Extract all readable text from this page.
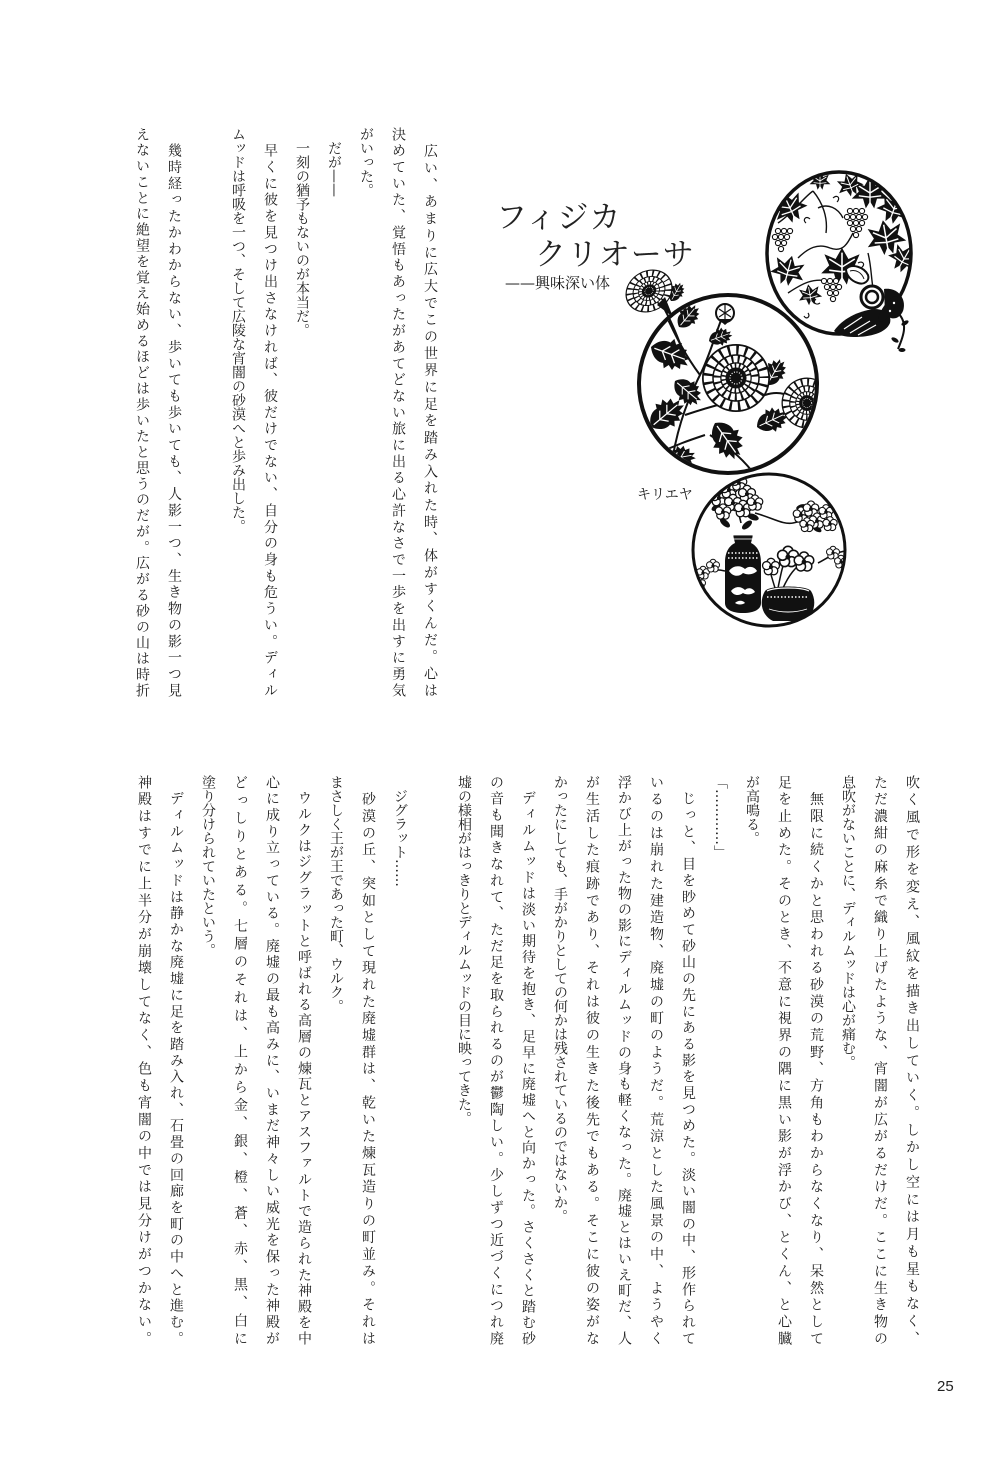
フィジカ
クリオーサ
——興味深い体
キリエヤ
　広い、あまりに広大でこの世界に足を踏み入れた時、体がすくんだ。心は
決めていた、覚悟もあったがあてどない旅に出る心許なさで一歩を出すに勇気
がいった。
　だが——
　一刻の猶予もないのが本当だ。
　早くに彼を見つけ出さなければ、彼だけでない、自分の身も危うい。ディル
ムッドは呼吸を一つ、そして広陵な宵闇の砂漠へと歩み出した。
　幾時経ったかわからない、歩いても歩いても、人影一つ、生き物の影一つ見
えないことに絶望を覚え始めるほどは歩いたと思うのだが。広がる砂の山は時折
吹く風で形を変え、風紋を描き出していく。しかし空には月も星もなく、
ただ濃紺の麻糸で織り上げたような、宵闇が広がるだけだ。ここに生き物の
息吹がないことに、ディルムッドは心が痛む。
　無限に続くかと思われる砂漠の荒野、方角もわからなくなり、呆然として
足を止めた。そのとき、不意に視界の隅に黒い影が浮かび、とくん、と心臓
が高鳴る。
「…………」
　じっと、目を眇めて砂山の先にある影を見つめた。淡い闇の中、形作られて
いるのは崩れた建造物、廃墟の町のようだ。荒涼とした風景の中、ようやく
浮かび上がった物の影にディルムッドの身も軽くなった。廃墟とはいえ町だ、人
が生活した痕跡であり、それは彼の生きた後先でもある。そこに彼の姿がな
かったにしても、手がかりとしての何かは残されているのではないか。
　ディルムッドは淡い期待を抱き、足早に廃墟へと向かった。さくさくと踏む砂
の音も聞きなれて、ただ足を取られるのが鬱陶しい。少しずつ近づくにつれ廃
墟の様相がはっきりとディルムッドの目に映ってきた。
　ジグラット……
　砂漠の丘、突如として現れた廃墟群は、乾いた煉瓦造りの町並み。それは
まさしく王が王であった町、ウルク。
　ウルクはジグラットと呼ばれる高層の煉瓦とアスファルトで造られた神殿を中
心に成り立っている。廃墟の最も高みに、いまだ神々しい威光を保った神殿が
どっしりとある。七層のそれは、上から金、銀、橙、蒼、赤、黒、白に
塗り分けられていたという。
　ディルムッドは静かな廃墟に足を踏み入れ、石畳の回廊を町の中へと進む。
神殿はすでに上半分が崩壊してなく、色も宵闇の中では見分けがつかない。
25
